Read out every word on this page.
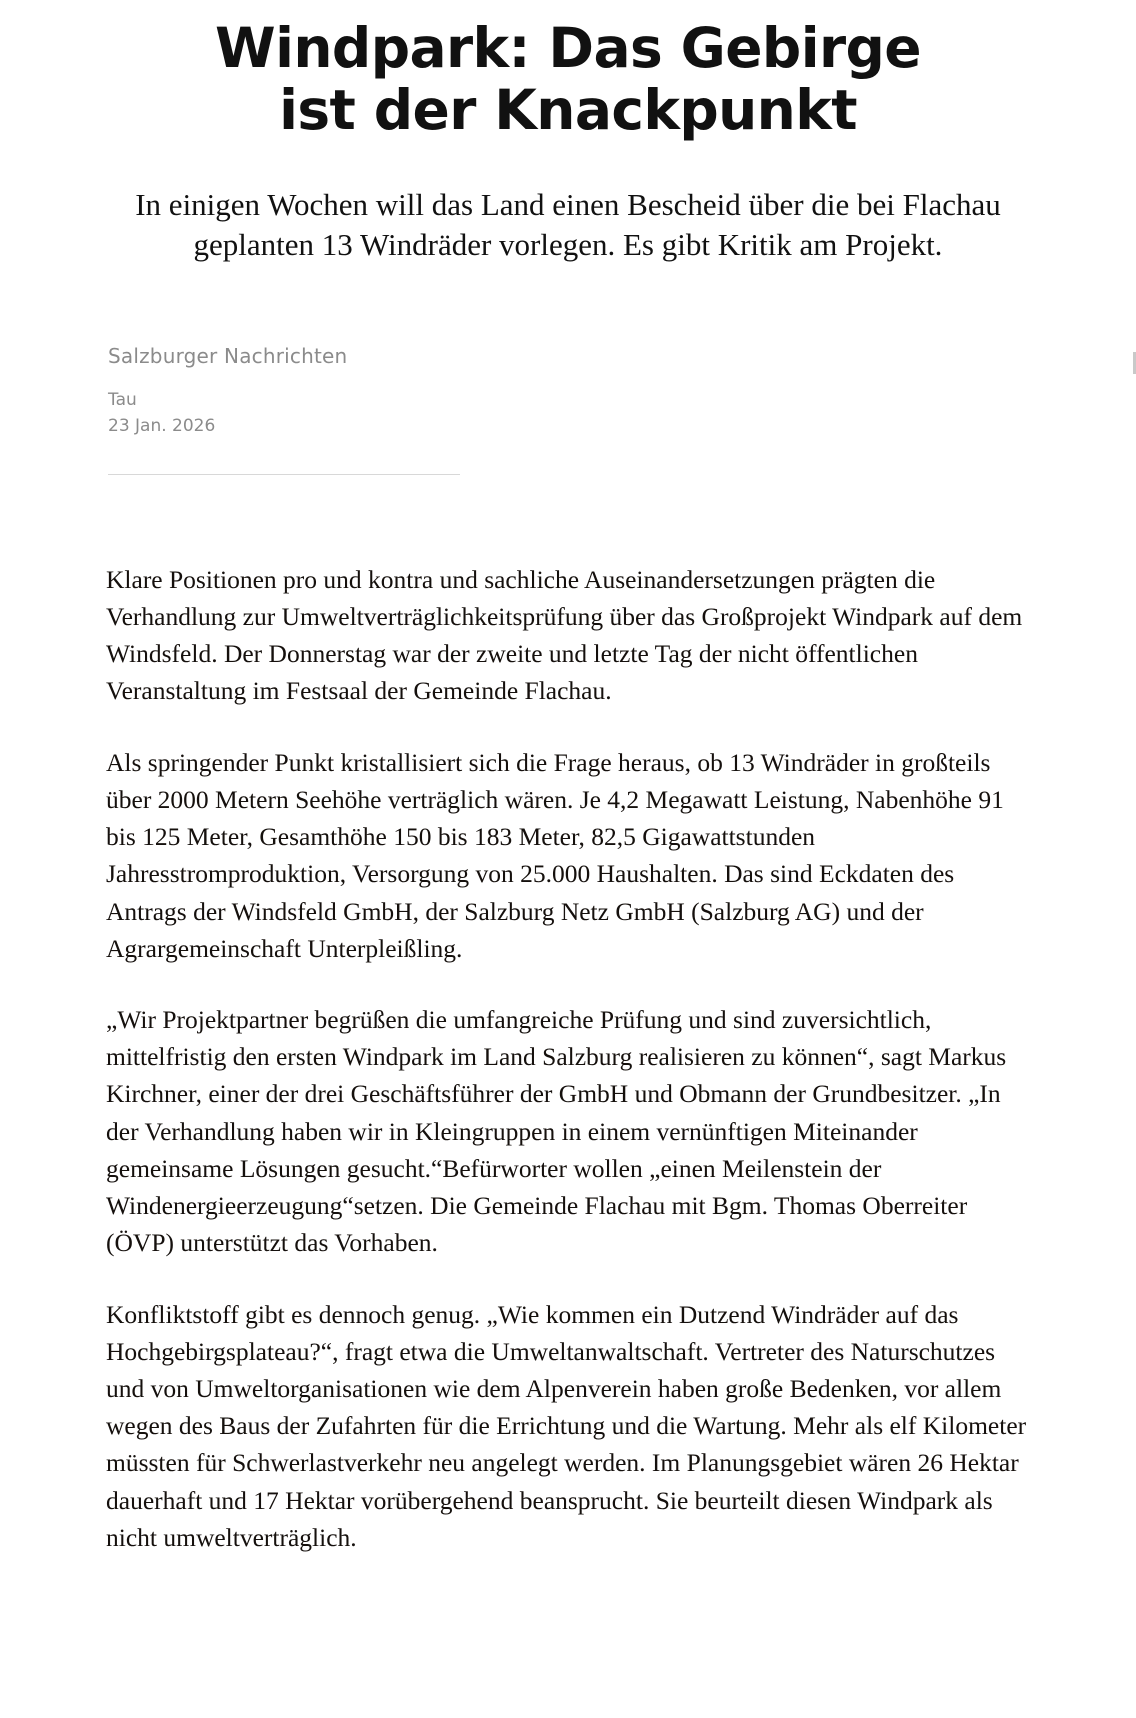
Windpark: Das Gebirge
ist der Knackpunkt
In einigen Wochen will das Land einen Bescheid über die bei Flachau geplanten 13 Windräder vorlegen. Es gibt Kritik am Projekt.
Salzburger Nachrichten
Tau
23 Jan. 2026

Klare Positionen pro und kontra und sachliche Auseinandersetzungen prägten die Verhandlung zur Umweltverträglichkeitsprüfung über das Großprojekt Windpark auf dem Windsfeld. Der Donnerstag war der zweite und letzte Tag der nicht öffentlichen Veranstaltung im Festsaal der Gemeinde Flachau.

Als springender Punkt kristallisiert sich die Frage heraus, ob 13 Windräder in großteils über 2000 Metern Seehöhe verträglich wären. Je 4,2 Megawatt Leistung, Nabenhöhe 91 bis 125 Meter, Gesamthöhe 150 bis 183 Meter, 82,5 Gigawattstunden Jahresstromproduktion, Versorgung von 25.000 Haushalten. Das sind Eckdaten des Antrags der Windsfeld GmbH, der Salzburg Netz GmbH (Salzburg AG) und der Agrargemeinschaft Unterpleißling.

„Wir Projektpartner begrüßen die umfangreiche Prüfung und sind zuversichtlich, mittelfristig den ersten Windpark im Land Salzburg realisieren zu können“, sagt Markus Kirchner, einer der drei Geschäftsführer der GmbH und Obmann der Grundbesitzer. „In der Verhandlung haben wir in Kleingruppen in einem vernünftigen Miteinander gemeinsame Lösungen gesucht.“Befürworter wollen „einen Meilenstein der Windenergieerzeugung“setzen. Die Gemeinde Flachau mit Bgm. Thomas Oberreiter (ÖVP) unterstützt das Vorhaben.

Konfliktstoff gibt es dennoch genug. „Wie kommen ein Dutzend Windräder auf das Hochgebirgsplateau?“, fragt etwa die Umweltanwaltschaft. Vertreter des Naturschutzes und von Umweltorganisationen wie dem Alpenverein haben große Bedenken, vor allem wegen des Baus der Zufahrten für die Errichtung und die Wartung. Mehr als elf Kilometer müssten für Schwerlastverkehr neu angelegt werden. Im Planungsgebiet wären 26 Hektar dauerhaft und 17 Hektar vorübergehend beansprucht. Sie beurteilt diesen Windpark als nicht umweltverträglich.
